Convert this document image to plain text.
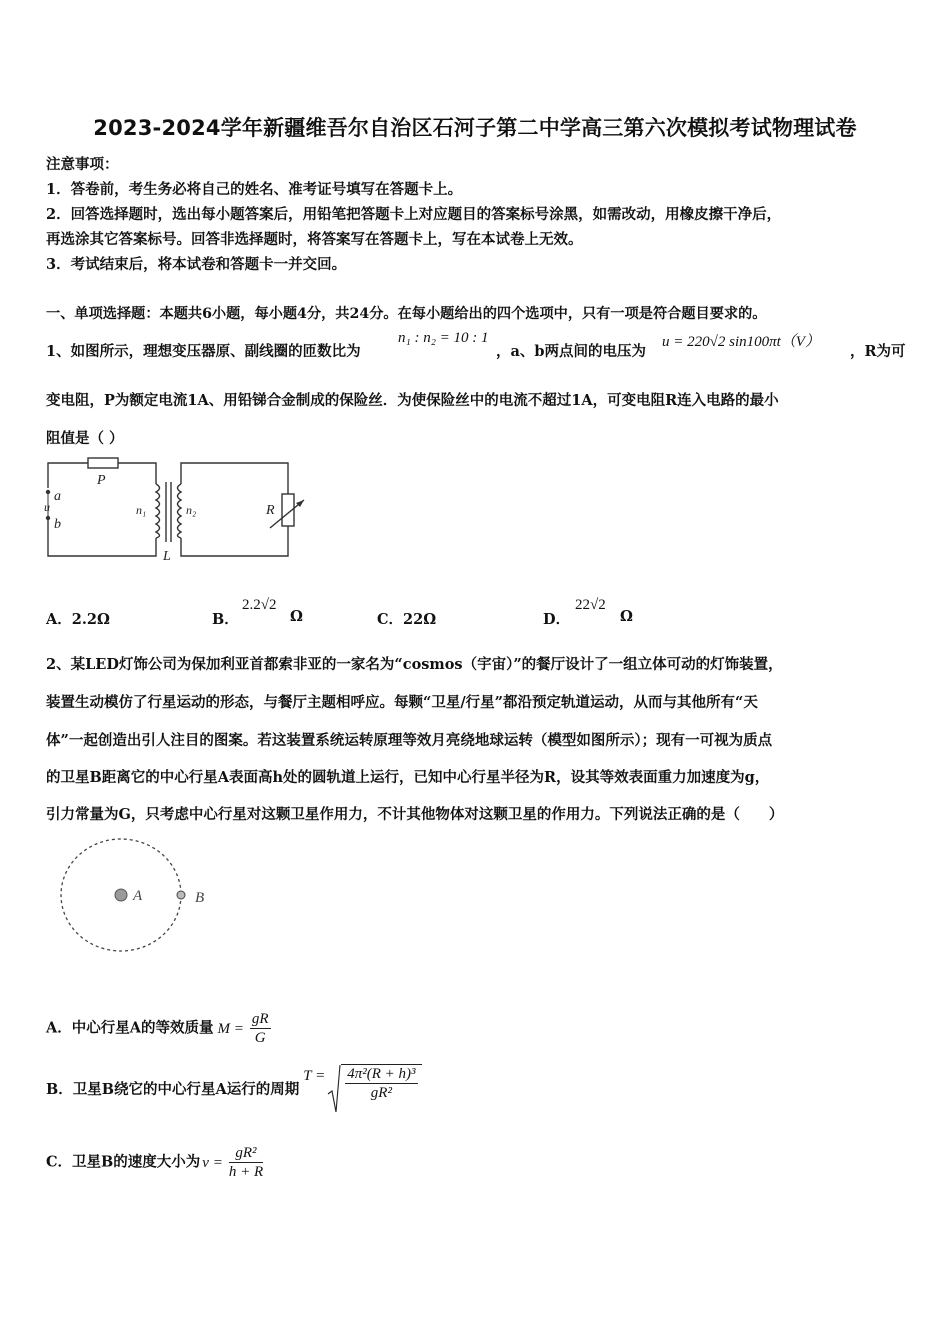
2023-2024学年新疆维吾尔自治区石河子第二中学高三第六次模拟考试物理试卷
注意事项：
1．答卷前，考生务必将自己的姓名、准考证号填写在答题卡上。
2．回答选择题时，选出每小题答案后，用铅笔把答题卡上对应题目的答案标号涂黑，如需改动，用橡皮擦干净后，
再选涂其它答案标号。回答非选择题时，将答案写在答题卡上，写在本试卷上无效。
3．考试结束后，将本试卷和答题卡一并交回。
一、单项选择题：本题共6小题，每小题4分，共24分。在每小题给出的四个选项中，只有一项是符合题目要求的。
1、如图所示，理想变压器原、副线圈的匝数比为
n₁ : n₂ = 10 : 1
，a、b两点间的电压为
u = 220√2 sin100πt（V）
，R为可
变电阻，P为额定电流1A、用铅锑合金制成的保险丝．为使保险丝中的电流不超过1A，可变电阻R连入电路的最小
阻值是（ ）
P
a
u
b
n₁	n₂
L
R
A．2.2Ω	B．
2.2√2
Ω	C．22Ω	D．
22√2
Ω
2、某LED灯饰公司为保加利亚首都索非亚的一家名为“cosmos（宇宙）”的餐厅设计了一组立体可动的灯饰装置，
装置生动模仿了行星运动的形态，与餐厅主题相呼应。每颗“卫星/行星”都沿预定轨道运动，从而与其他所有“天
体”一起创造出引人注目的图案。若这装置系统运转原理等效月亮绕地球运转（模型如图所示）；现有一可视为质点
的卫星B距离它的中心行星A表面高h处的圆轨道上运行，已知中心行星半径为R，设其等效表面重力加速度为g，
引力常量为G，只考虑中心行星对这颗卫星作用力，不计其他物体对这颗卫星的作用力。下列说法正确的是（　　）
A	B
A．中心行星A的等效质量 $M = \frac{gR}{G}$
B．卫星B绕它的中心行星A运行的周期$T = \frac{\text{4π²(R + h)³}}{\text{gR²}}$
C．卫星B的速度大小为 $v = \frac{\text{gR²}}{h + R}$
